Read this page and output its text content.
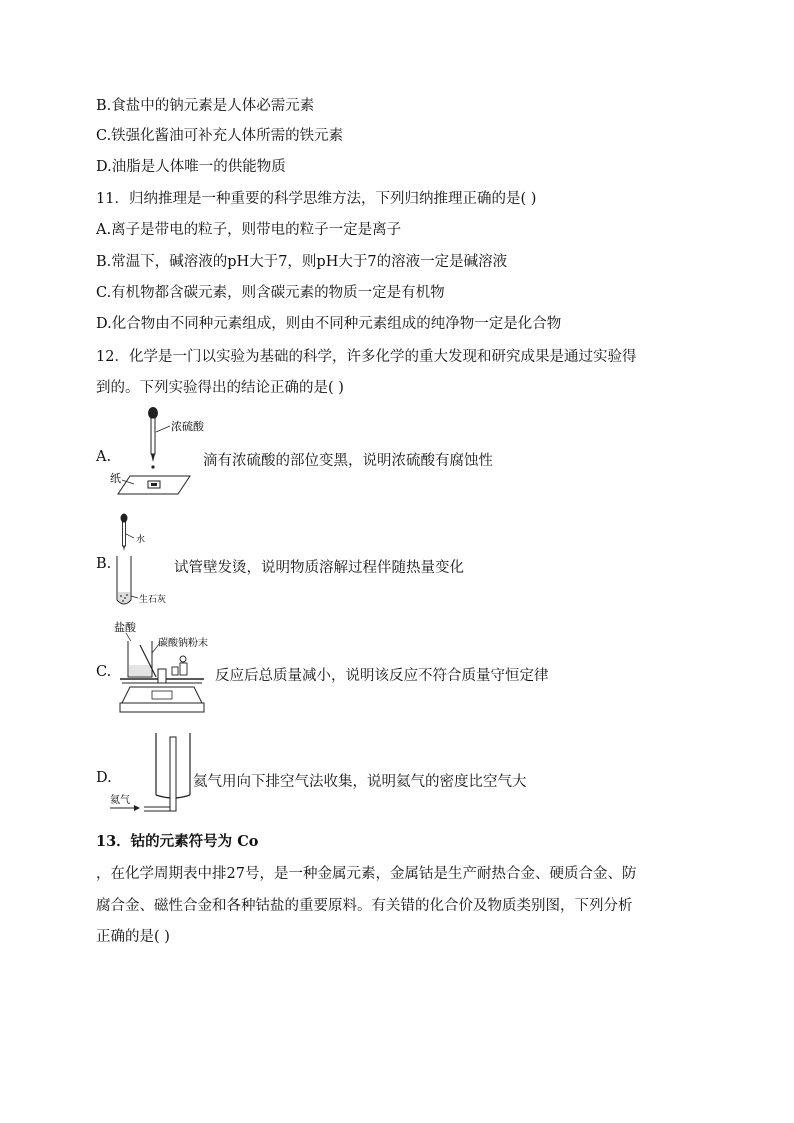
B.食盐中的钠元素是人体必需元素
C.铁强化酱油可补充人体所需的铁元素
D.油脂是人体唯一的供能物质
11．归纳推理是一种重要的科学思维方法，下列归纳推理正确的是( )
A.离子是带电的粒子，则带电的粒子一定是离子
B.常温下，碱溶液的pH大于7，则pH大于7的溶液一定是碱溶液
C.有机物都含碳元素，则含碳元素的物质一定是有机物
D.化合物由不同种元素组成，则由不同种元素组成的纯净物一定是化合物
12．化学是一门以实验为基础的科学，许多化学的重大发现和研究成果是通过实验得
到的。下列实验得出的结论正确的是( )
A.
浓硫酸
纸
滴有浓硫酸的部位变黑，说明浓硫酸有腐蚀性
B.
水
生石灰
试管壁发烫，说明物质溶解过程伴随热量变化
C.
盐酸
碳酸钠粉末
反应后总质量减小，说明该反应不符合质量守恒定律
D.
氦气
氦气用向下排空气法收集，说明氦气的密度比空气大
13．钴的元素符号为 Co
，在化学周期表中排27号，是一种金属元素，金属钴是生产耐热合金、硬质合金、防
腐合金、磁性合金和各种钴盐的重要原料。有关错的化合价及物质类别图，下列分析
正确的是( )
